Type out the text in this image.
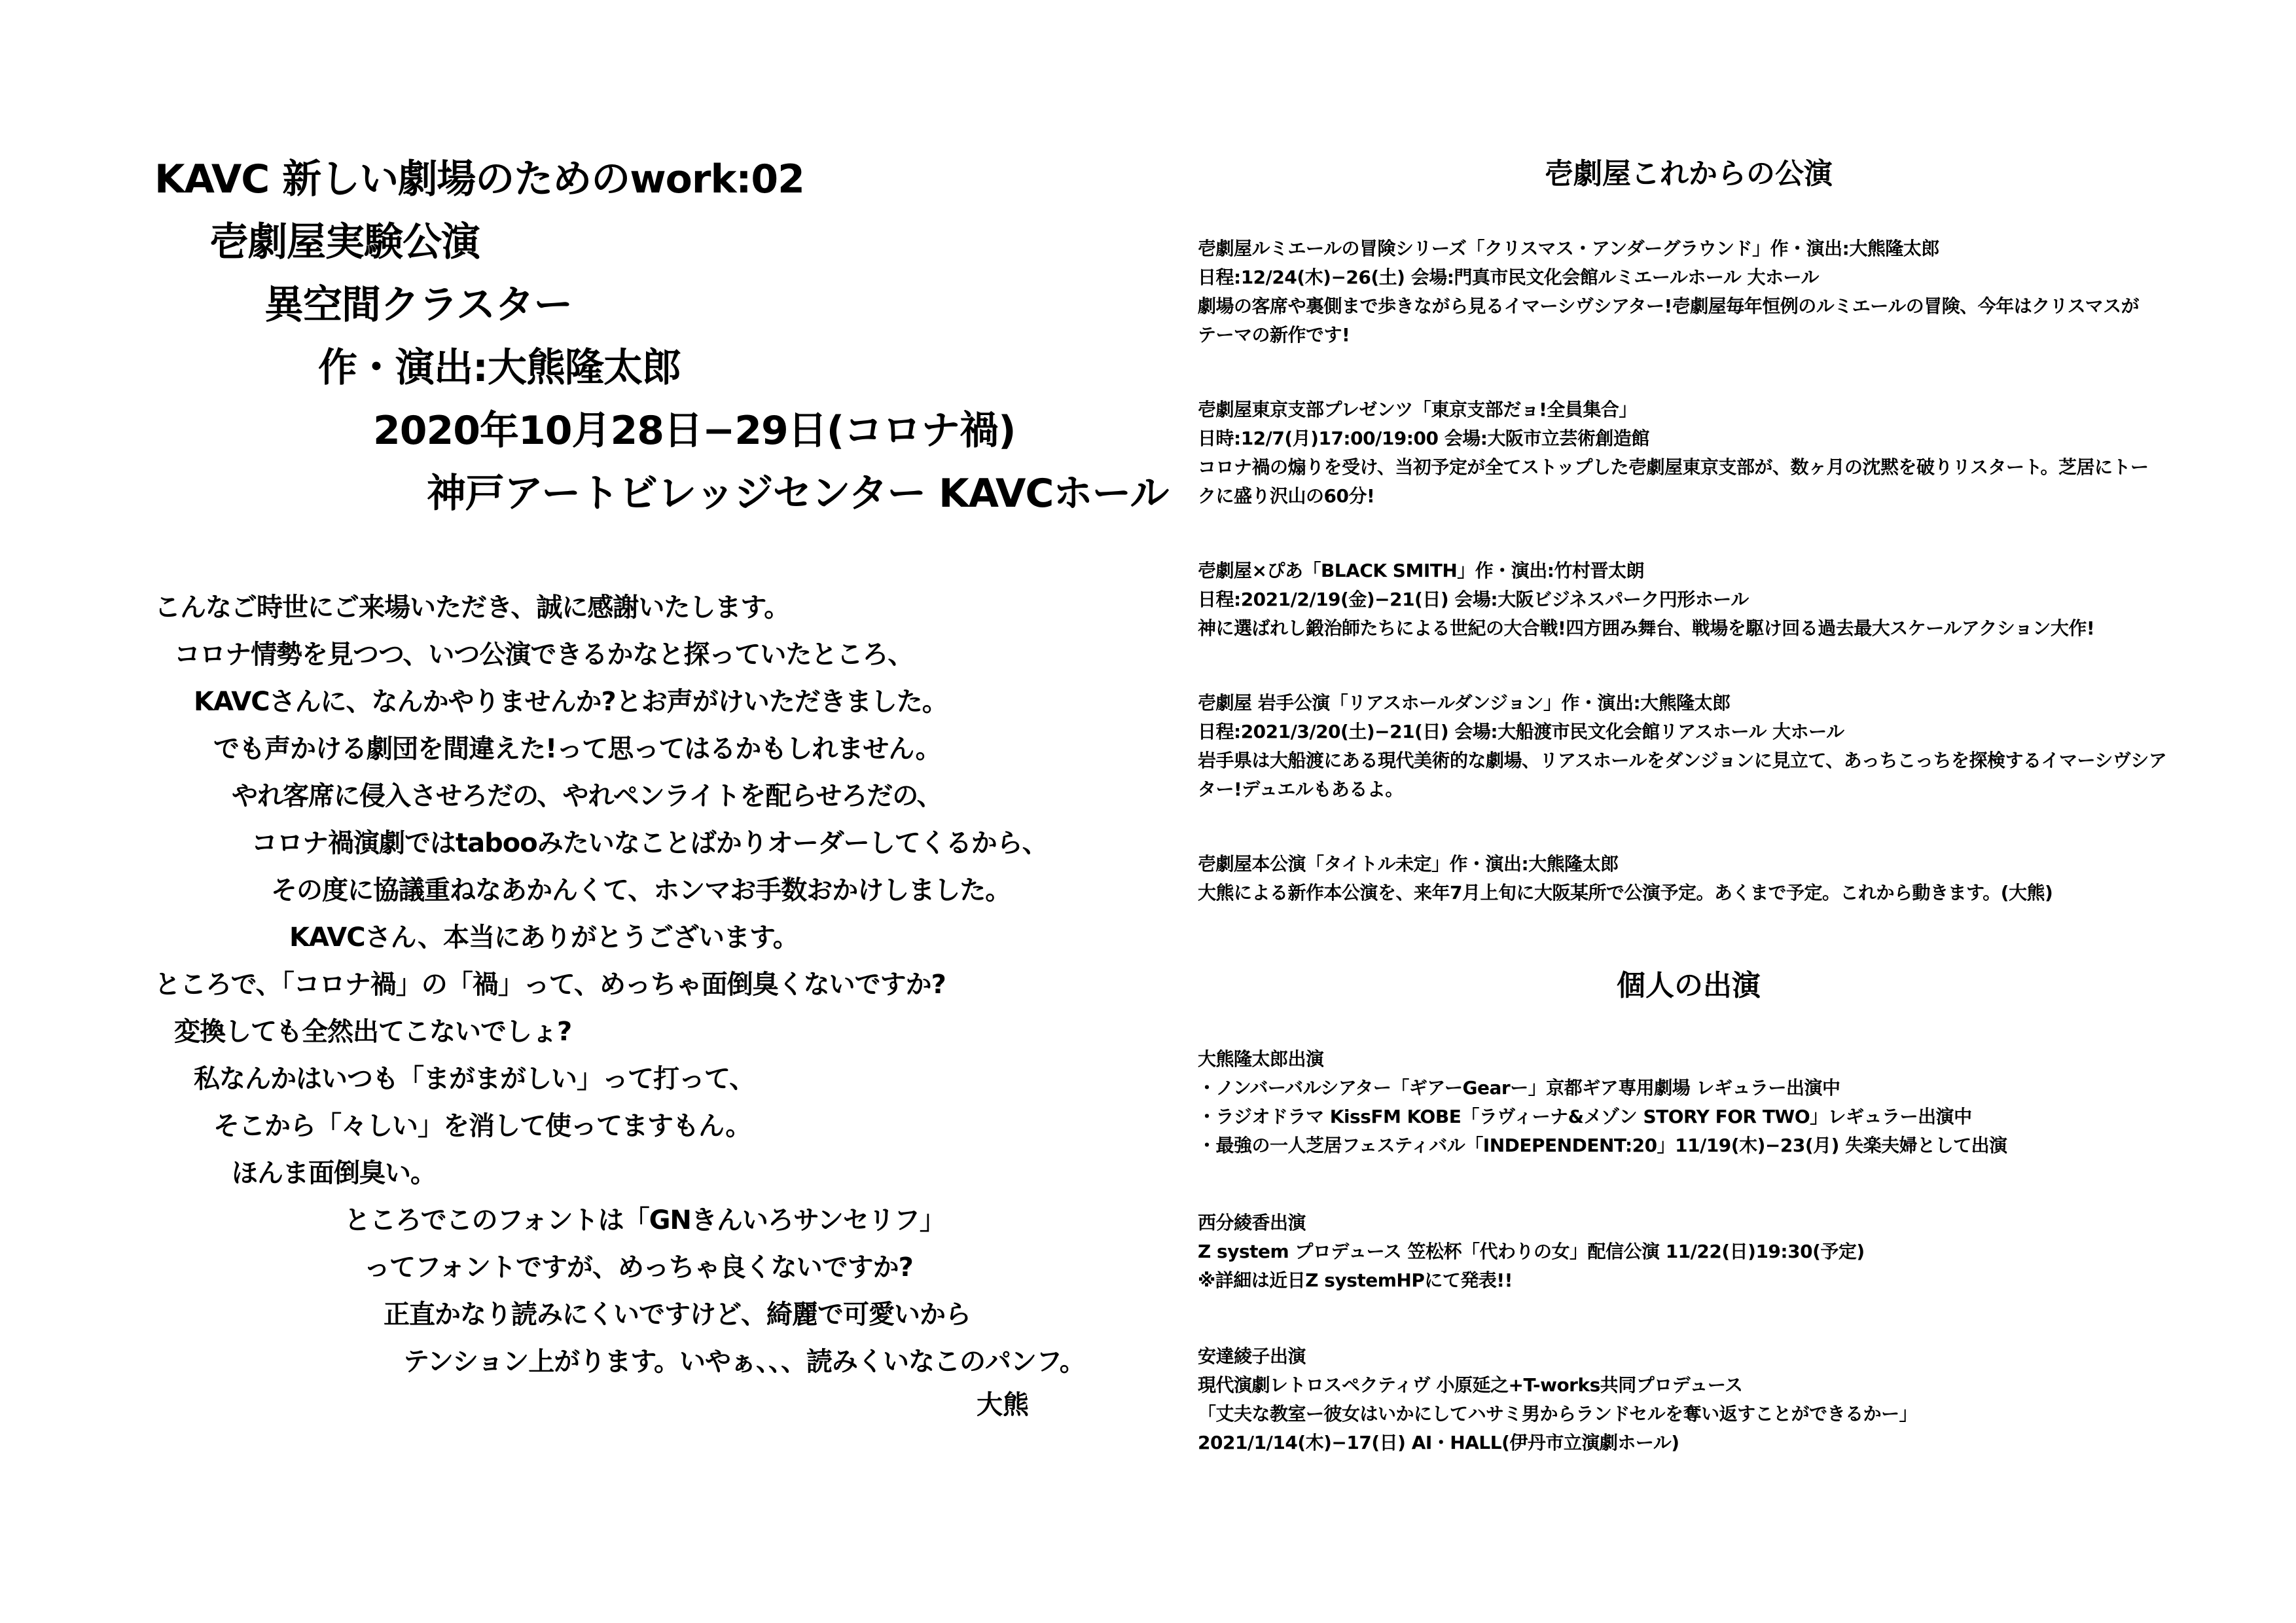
KAVC 新しい劇場のためのwork:02
壱劇屋実験公演
異空間クラスター
作・演出:大熊隆太郎
2020年10月28日−29日(コロナ禍)
神戸アートビレッジセンター KAVCホール
こんなご時世にご来場いただき、誠に感謝いたします。
コロナ情勢を見つつ、いつ公演できるかなと探っていたところ、
KAVCさんに、なんかやりませんか?とお声がけいただきました。
でも声かける劇団を間違えた!って思ってはるかもしれません。
やれ客席に侵入させろだの、やれペンライトを配らせろだの、
コロナ禍演劇ではtabooみたいなことばかりオーダーしてくるから、
その度に協議重ねなあかんくて、ホンマお手数おかけしました。
KAVCさん、本当にありがとうございます。
ところで、「コロナ禍」の「禍」って、めっちゃ面倒臭くないですか?
変換しても全然出てこないでしょ?
私なんかはいつも「まがまがしい」って打って、
そこから「々しい」を消して使ってますもん。
ほんま面倒臭い。
ところでこのフォントは「GNきんいろサンセリフ」
ってフォントですが、めっちゃ良くないですか?
正直かなり読みにくいですけど、綺麗で可愛いから
テンション上がります。いやぁ、、、読みくいなこのパンフ。
大熊
壱劇屋これからの公演
壱劇屋ルミエールの冒険シリーズ「クリスマス・アンダーグラウンド」作・演出:大熊隆太郎
日程:12/24(木)−26(土) 会場:門真市民文化会館ルミエールホール 大ホール
劇場の客席や裏側まで歩きながら見るイマーシヴシアター!壱劇屋毎年恒例のルミエールの冒険、今年はクリスマスが
テーマの新作です!
壱劇屋東京支部プレゼンツ「東京支部だョ!全員集合」
日時:12/7(月)17:00/19:00 会場:大阪市立芸術創造館
コロナ禍の煽りを受け、当初予定が全てストップした壱劇屋東京支部が、数ヶ月の沈黙を破りリスタート。芝居にトー
クに盛り沢山の60分!
壱劇屋×ぴあ「BLACK SMITH」作・演出:竹村晋太朗
日程:2021/2/19(金)−21(日) 会場:大阪ビジネスパーク円形ホール
神に選ばれし鍛治師たちによる世紀の大合戦!四方囲み舞台、戦場を駆け回る過去最大スケールアクション大作!
壱劇屋 岩手公演「リアスホールダンジョン」作・演出:大熊隆太郎
日程:2021/3/20(土)−21(日) 会場:大船渡市民文化会館リアスホール 大ホール
岩手県は大船渡にある現代美術的な劇場、リアスホールをダンジョンに見立て、あっちこっちを探検するイマーシヴシア
ター!デュエルもあるよ。
壱劇屋本公演「タイトル未定」作・演出:大熊隆太郎
大熊による新作本公演を、来年7月上旬に大阪某所で公演予定。あくまで予定。これから動きます。(大熊)
個人の出演
大熊隆太郎出演
・ノンバーバルシアター「ギアーGearー」京都ギア専用劇場 レギュラー出演中
・ラジオドラマ KissFM KOBE「ラヴィーナ&メゾン STORY FOR TWO」レギュラー出演中
・最強の一人芝居フェスティバル「INDEPENDENT:20」11/19(木)−23(月) 失楽夫婦として出演
西分綾香出演
Z system プロデュース 笠松杯「代わりの女」配信公演 11/22(日)19:30(予定)
※詳細は近日Z systemHPにて発表!!
安達綾子出演
現代演劇レトロスペクティヴ 小原延之+T-works共同プロデュース
「丈夫な教室ー彼女はいかにしてハサミ男からランドセルを奪い返すことができるかー」
2021/1/14(木)−17(日) AI・HALL(伊丹市立演劇ホール)
